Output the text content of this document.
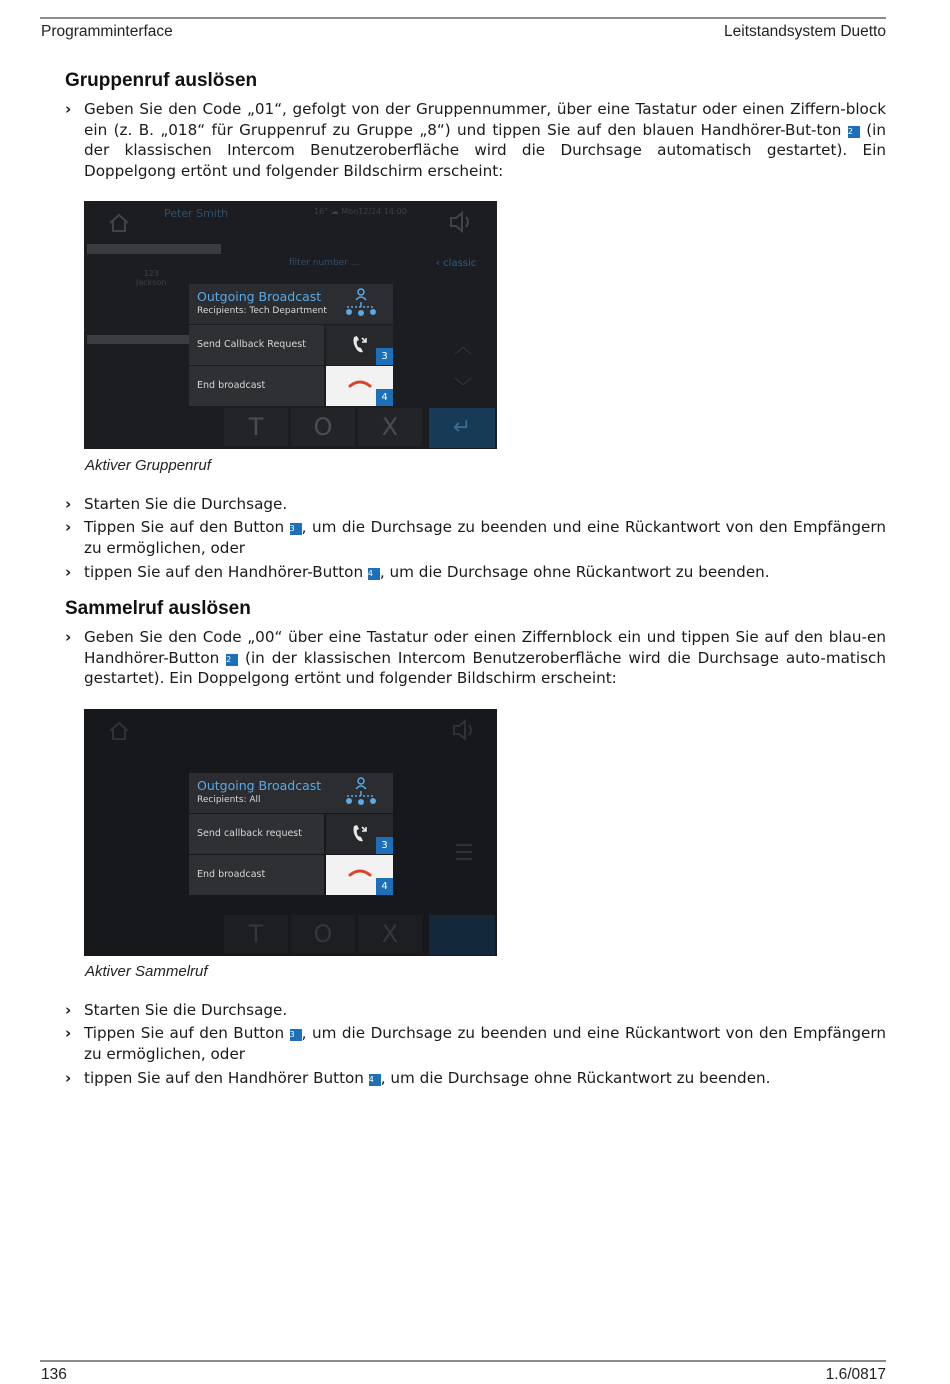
Programminterface	Leitstandsystem Duetto
Gruppenruf auslösen
› Geben Sie den Code „01“, gefolgt von der Gruppennummer, über eine Tastatur oder einen Ziffern-block ein (z. B. „018“ für Gruppenruf zu Gruppe „8“) und tippen Sie auf den blauen Handhörer-But-ton 2 (in der klassischen Intercom Benutzeroberfläche wird die Durchsage automatisch gestartet). Ein Doppelgong ertönt und folgender Bildschirm erscheint:
Peter Smith	16° ☁ Mon12/24 14:00
filter number ...	‹ classic
123
Jackson
︿
﹀
T	O	X	↵
Outgoing Broadcast
Recipients: Tech Department
Send Callback Request
3
End broadcast
4
Aktiver Gruppenruf
› Starten Sie die Durchsage.
› Tippen Sie auf den Button 3 , um die Durchsage zu beenden und eine Rückantwort von den Empfängern zu ermöglichen, oder
› tippen Sie auf den Handhörer-Button 4 , um die Durchsage ohne Rückantwort zu beenden.
Sammelruf auslösen
› Geben Sie den Code „00“ über eine Tastatur oder einen Ziffernblock ein und tippen Sie auf den blau-en Handhörer-Button 2 (in der klassischen Intercom Benutzeroberfläche wird die Durchsage auto-matisch gestartet). Ein Doppelgong ertönt und folgender Bildschirm erscheint:
☰
T	O	X
Outgoing Broadcast
Recipients: All
Send callback request
3
End broadcast
4
Aktiver Sammelruf
› Starten Sie die Durchsage.
› Tippen Sie auf den Button 3 , um die Durchsage zu beenden und eine Rückantwort von den Empfängern zu ermöglichen, oder
› tippen Sie auf den Handhörer Button 4 , um die Durchsage ohne Rückantwort zu beenden.
136	1.6/0817
